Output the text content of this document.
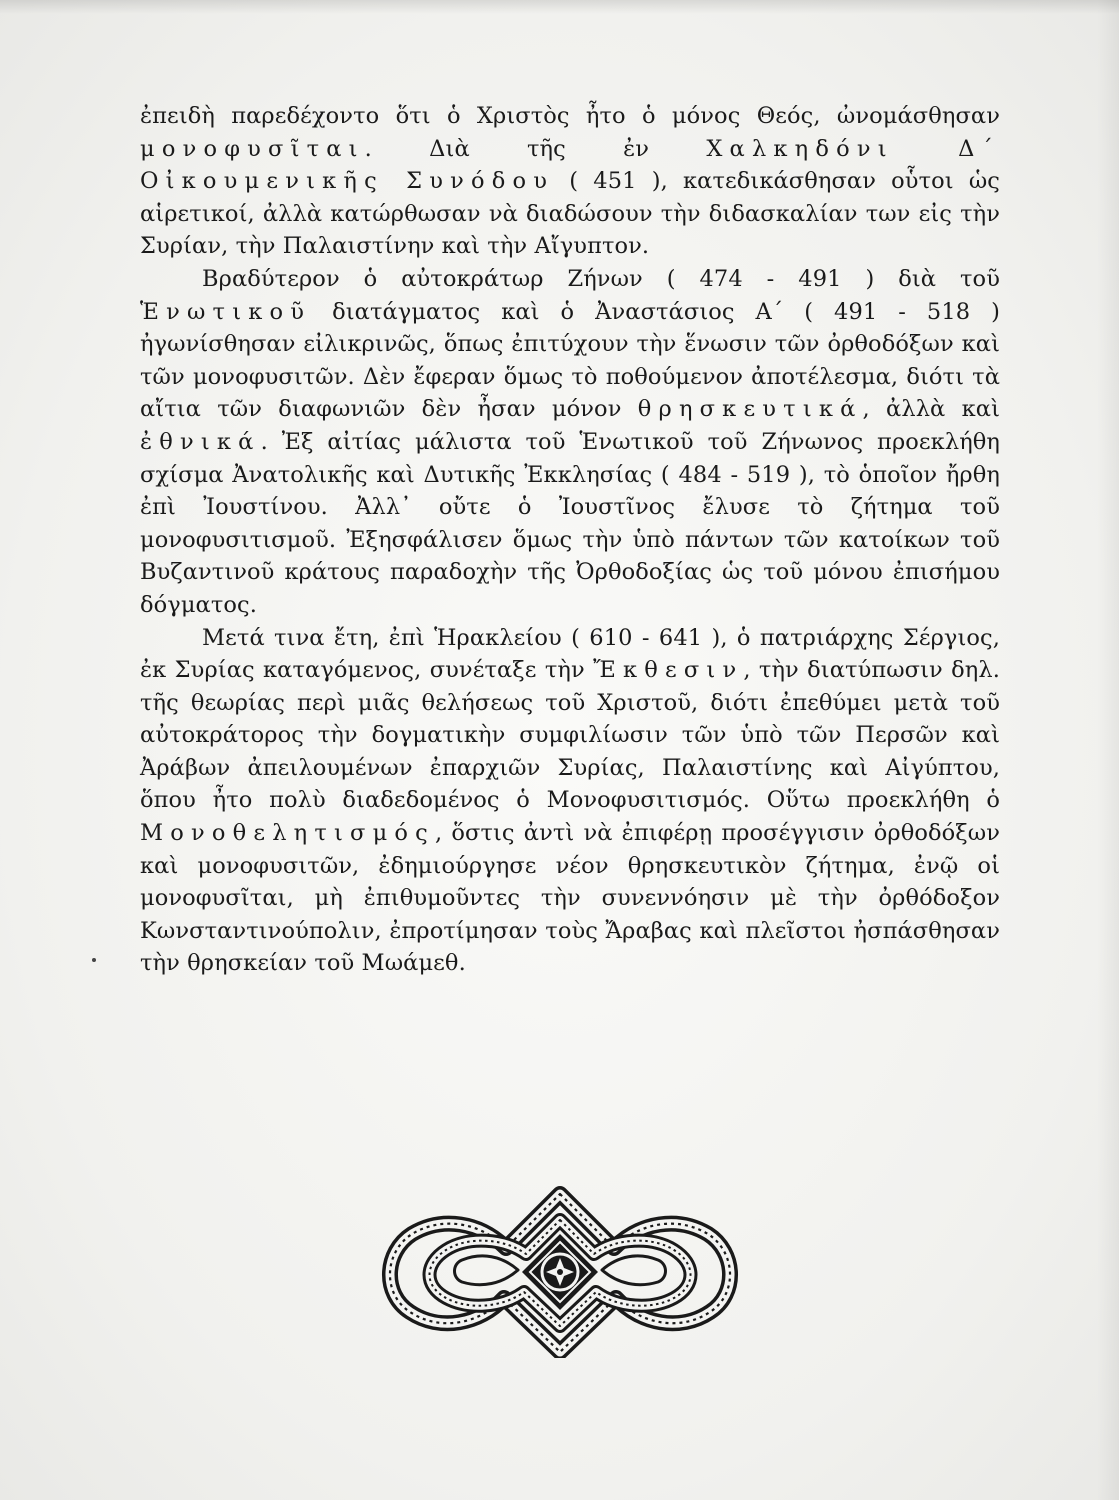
ἐπειδὴ παρεδέχοντο ὅτι ὁ Χριστὸς ἦτο ὁ μόνος Θεός, ὠνομάσθησαν μονοφυσῖται. Διὰ τῆς ἐν Χαλκηδόνι Δ΄ Οἰκουμενικῆς Συνόδου ( 451 ), κατεδικάσθησαν οὗτοι ὡς αἱρετικοί, ἀλλὰ κατώρθωσαν νὰ διαδώσουν τὴν διδασκαλίαν των εἰς τὴν Συρίαν, τὴν Παλαιστίνην καὶ τὴν Αἴγυπτον.

Βραδύτερον ὁ αὐτοκράτωρ Ζήνων ( 474 - 491 ) διὰ τοῦ Ἑνωτικοῦ διατάγματος καὶ ὁ Ἀναστάσιος Α΄ ( 491 - 518 ) ἠγωνίσθησαν εἰλικρινῶς, ὅπως ἐπιτύχουν τὴν ἕνωσιν τῶν ὀρθοδόξων καὶ τῶν μονοφυσιτῶν. Δὲν ἔφεραν ὅμως τὸ ποθούμενον ἀποτέλεσμα, διότι τὰ αἴτια τῶν διαφωνιῶν δὲν ἦσαν μόνον θρησκευτικά, ἀλλὰ καὶ ἐθνικά. Ἐξ αἰτίας μάλιστα τοῦ Ἑνωτικοῦ τοῦ Ζήνωνος προεκλήθη σχίσμα Ἀνατολικῆς καὶ Δυτικῆς Ἐκκλησίας ( 484 - 519 ), τὸ ὁποῖον ἤρθη ἐπὶ Ἰουστίνου. Ἀλλ᾽ οὔτε ὁ Ἰουστῖνος ἔλυσε τὸ ζήτημα τοῦ μονοφυσιτισμοῦ. Ἐξησφάλισεν ὅμως τὴν ὑπὸ πάντων τῶν κατοίκων τοῦ Βυζαντινοῦ κράτους παραδοχὴν τῆς Ὀρθοδοξίας ὡς τοῦ μόνου ἐπισήμου δόγματος.

Μετά τινα ἔτη, ἐπὶ Ἡρακλείου ( 610 - 641 ), ὁ πατριάρχης Σέργιος, ἐκ Συρίας καταγόμενος, συνέταξε τὴν Ἔκθεσιν, τὴν διατύπωσιν δηλ. τῆς θεωρίας περὶ μιᾶς θελήσεως τοῦ Χριστοῦ, διότι ἐπεθύμει μετὰ τοῦ αὐτοκράτορος τὴν δογματικὴν συμφιλίωσιν τῶν ὑπὸ τῶν Περσῶν καὶ Ἀράβων ἀπειλουμένων ἐπαρχιῶν Συρίας, Παλαιστίνης καὶ Αἰγύπτου, ὅπου ἦτο πολὺ διαδεδομένος ὁ Μονοφυσιτισμός. Οὕτω προεκλήθη ὁ Μονοθελητισμός, ὅστις ἀντὶ νὰ ἐπιφέρῃ προσέγγισιν ὀρθοδόξων καὶ μονοφυσιτῶν, ἐδημιούργησε νέον θρησκευτικὸν ζήτημα, ἐνῷ οἱ μονοφυσῖται, μὴ ἐπιθυμοῦντες τὴν συνεννόησιν μὲ τὴν ὀρθόδοξον Κωνσταντινούπολιν, ἐπροτίμησαν τοὺς Ἄραβας καὶ πλεῖστοι ἠσπάσθησαν τὴν θρησκείαν τοῦ Μωάμεθ.
